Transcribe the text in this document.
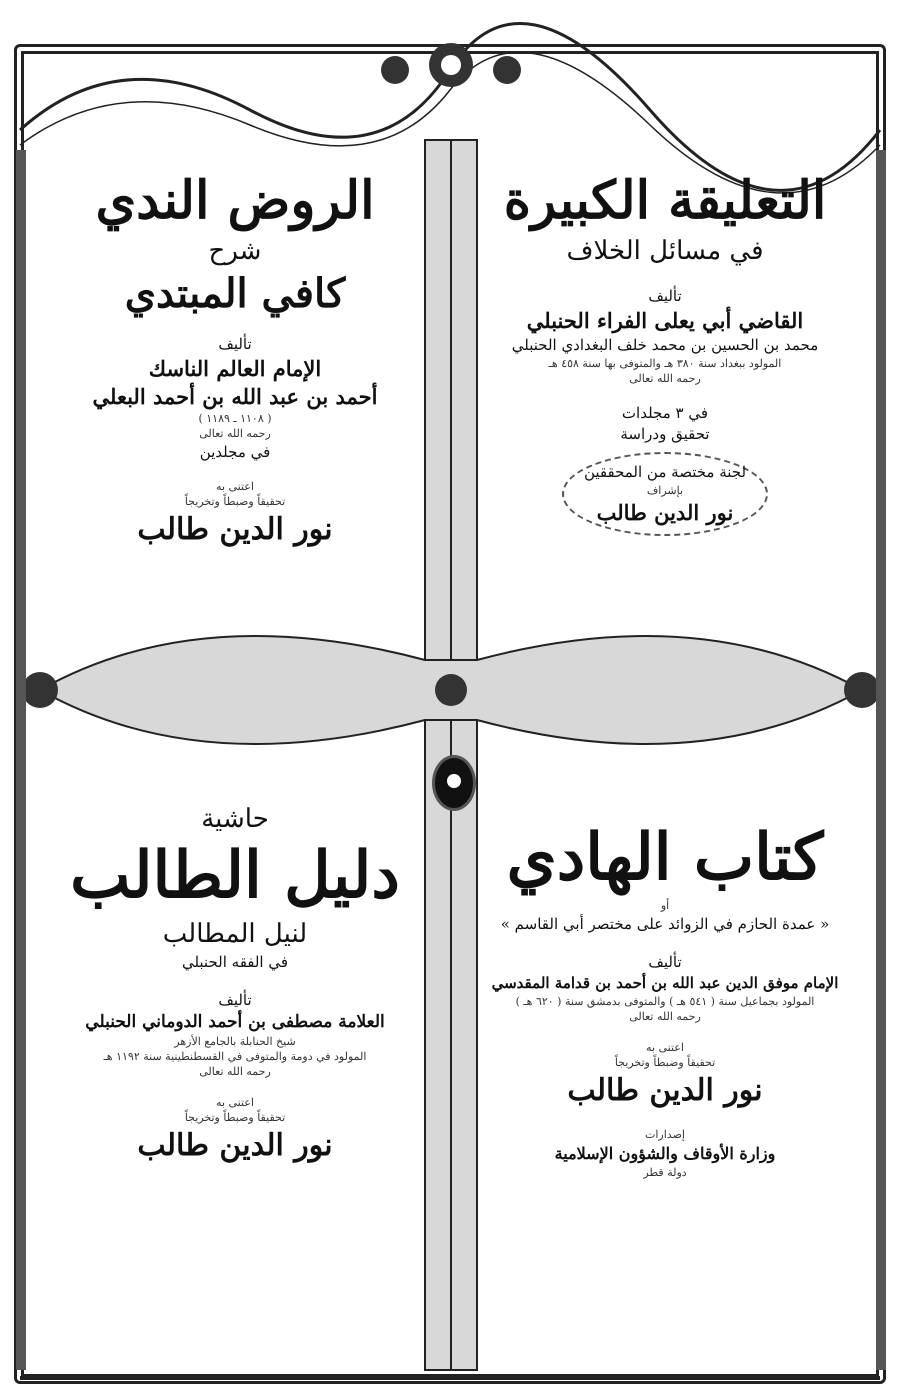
التعليقة الكبيرة
في مسائل الخلاف
تأليف
القاضي أبي يعلى الفراء الحنبلي
محمد بن الحسين بن محمد خلف البغدادي الحنبلي
المولود ببغداد سنة ٣٨٠ هـ والمتوفى بها سنة ٤٥٨ هـ
رحمه الله تعالى
في ٣ مجلدات
تحقيق ودراسة
لجنة مختصة من المحققين
بإشراف
نور الدين طالب
الروض الندي
شرح
كافي المبتدي
تأليف
الإمام العالم الناسك
أحمد بن عبد الله بن أحمد البعلي
( ١١٠٨ ـ ١١٨٩ )
رحمه الله تعالى
في مجلدين
اعتنى به
تحقيقاً وضبطاً وتخريجاً
نور الدين طالب
كتاب الهادي
أو
« عمدة الحازم في الزوائد على مختصر أبي القاسم »
تأليف
الإمام موفق الدين عبد الله بن أحمد بن قدامة المقدسي
المولود بجماعيل سنة ( ٥٤١ هـ ) والمتوفى بدمشق سنة ( ٦٢٠ هـ )
رحمه الله تعالى
اعتنى به
تحقيقاً وضبطاً وتخريجاً
نور الدين طالب
إصدارات
وزارة الأوقاف والشؤون الإسلامية
دولة قطر
حاشية
دليل الطالب
لنيل المطالب
في الفقه الحنبلي
تأليف
العلامة مصطفى بن أحمد الدوماني الحنبلي
شيخ الحنابلة بالجامع الأزهر
المولود في دومة والمتوفى في القسطنطينية سنة ١١٩٢ هـ
رحمه الله تعالى
اعتنى به
تحقيقاً وضبطاً وتخريجاً
نور الدين طالب
